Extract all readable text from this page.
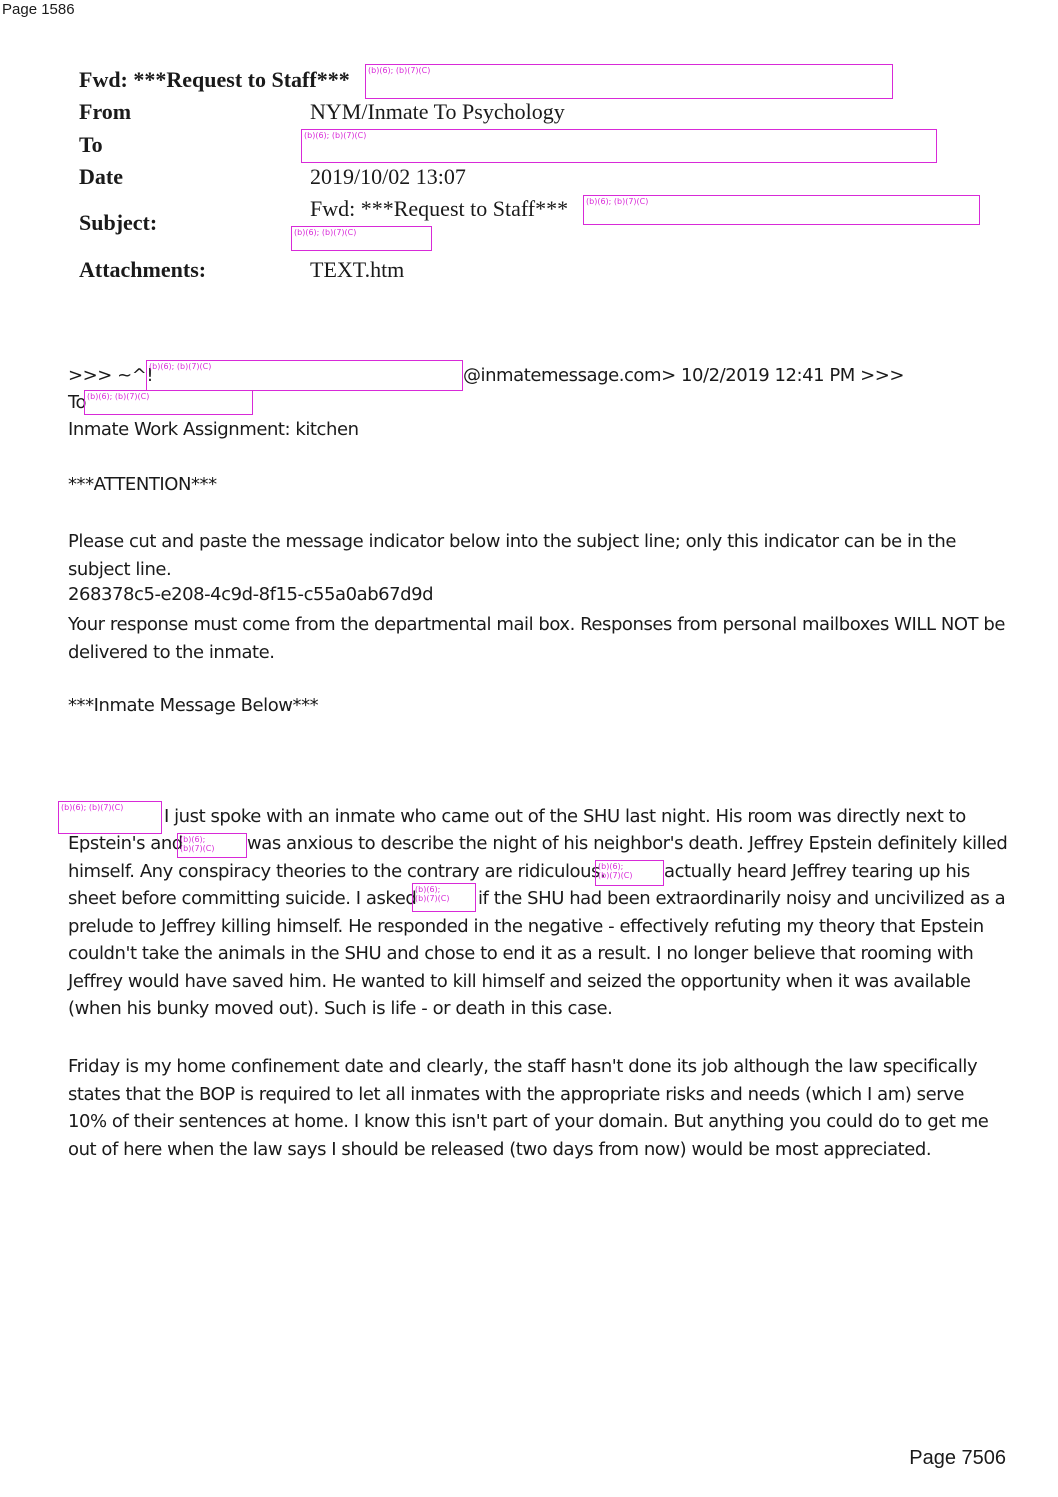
Page 1586
Fwd: ***Request to Staff***	(b)(6); (b)(7)(C)
From	NYM/Inmate To Psychology
To	(b)(6); (b)(7)(C)
Date	2019/10/02 13:07
Subject:
Fwd: ***Request to Staff***	(b)(6); (b)(7)(C)
(b)(6); (b)(7)(C)
Attachments:	TEXT.htm
>>> ~^!
(b)(6); (b)(7)(C)	@inmatemessage.com> 10/2/2019 12:41 PM >>>
To (b)(6); (b)(7)(C)
Inmate Work Assignment: kitchen
***ATTENTION***
Please cut and paste the message indicator below into the subject line; only this indicator can be in the subject line.
268378c5-e208-4c9d-8f15-c55a0ab67d9d
Your response must come from the departmental mail box. Responses from personal mailboxes WILL NOT be delivered to the inmate.
***Inmate Message Below***
(b)(6); (b)(7)(C)	I just spoke with an inmate who came out of the SHU last night. His room was directly next to
Epstein's and
(b)(6);
(b)(7)(C)	was anxious to describe the night of his neighbor's death. Jeffrey Epstein definitely killed
himself. Any conspiracy theories to the contrary are ridiculous.
(b)(6);
(b)(7)(C)	actually heard Jeffrey tearing up his
sheet before committing suicide. I asked
(b)(6);
(b)(7)(C)	if the SHU had been extraordinarily noisy and uncivilized as a
prelude to Jeffrey killing himself. He responded in the negative - effectively refuting my theory that Epstein
couldn't take the animals in the SHU and chose to end it as a result. I no longer believe that rooming with
Jeffrey would have saved him. He wanted to kill himself and seized the opportunity when it was available
(when his bunky moved out). Such is life - or death in this case.
Friday is my home confinement date and clearly, the staff hasn't done its job although the law specifically states that the BOP is required to let all inmates with the appropriate risks and needs (which I am) serve 10% of their sentences at home. I know this isn't part of your domain. But anything you could do to get me out of here when the law says I should be released (two days from now) would be most appreciated.
Page 7506
